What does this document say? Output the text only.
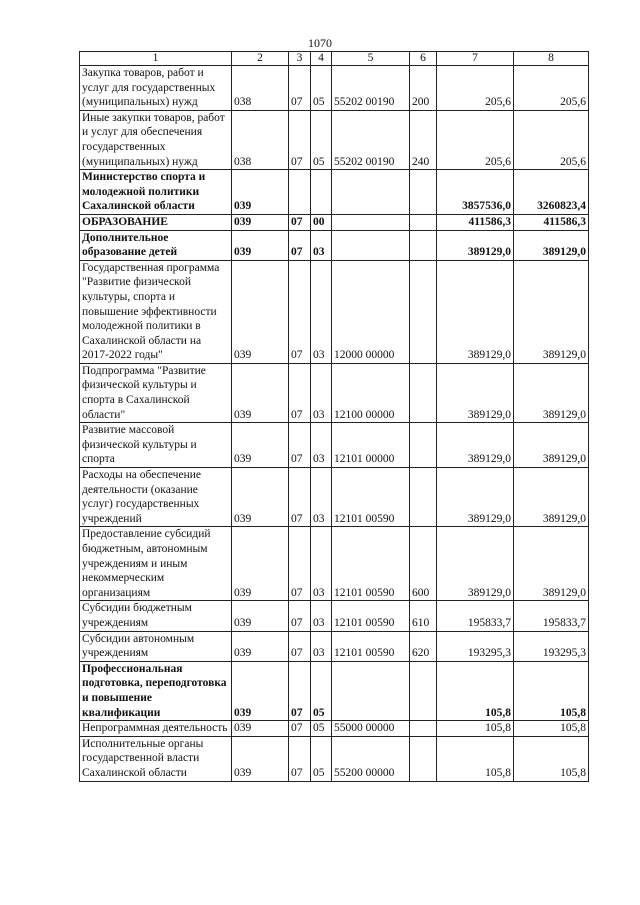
1070
1	2	3	4	5	6	7	8
Закупка товаров, работ и услуг для государственных (муниципальных) нужд	038	07	05	55202 00190	200	205,6	205,6
Иные закупки товаров, работ и услуг для обеспечения государственных (муниципальных) нужд	038	07	05	55202 00190	240	205,6	205,6
Министерство спорта и молодежной политики Сахалинской области	039					3857536,0	3260823,4
ОБРАЗОВАНИЕ	039	07	00			411586,3	411586,3
Дополнительное образование детей	039	07	03			389129,0	389129,0
Государственная программа "Развитие физической культуры, спорта и повышение эффективности молодежной политики в Сахалинской области на 2017-2022 годы"	039	07	03	12000 00000		389129,0	389129,0
Подпрограмма "Развитие физической культуры и спорта в Сахалинской области"	039	07	03	12100 00000		389129,0	389129,0
Развитие массовой физической культуры и спорта	039	07	03	12101 00000		389129,0	389129,0
Расходы на обеспечение деятельности (оказание услуг) государственных учреждений	039	07	03	12101 00590		389129,0	389129,0
Предоставление субсидий бюджетным, автономным учреждениям и иным некоммерческим организациям	039	07	03	12101 00590	600	389129,0	389129,0
Субсидии бюджетным учреждениям	039	07	03	12101 00590	610	195833,7	195833,7
Субсидии автономным учреждениям	039	07	03	12101 00590	620	193295,3	193295,3
Профессиональная подготовка, переподготовка и повышение квалификации	039	07	05			105,8	105,8
Непрограммная деятельность	039	07	05	55000 00000		105,8	105,8
Исполнительные органы государственной власти Сахалинской области	039	07	05	55200 00000		105,8	105,8
